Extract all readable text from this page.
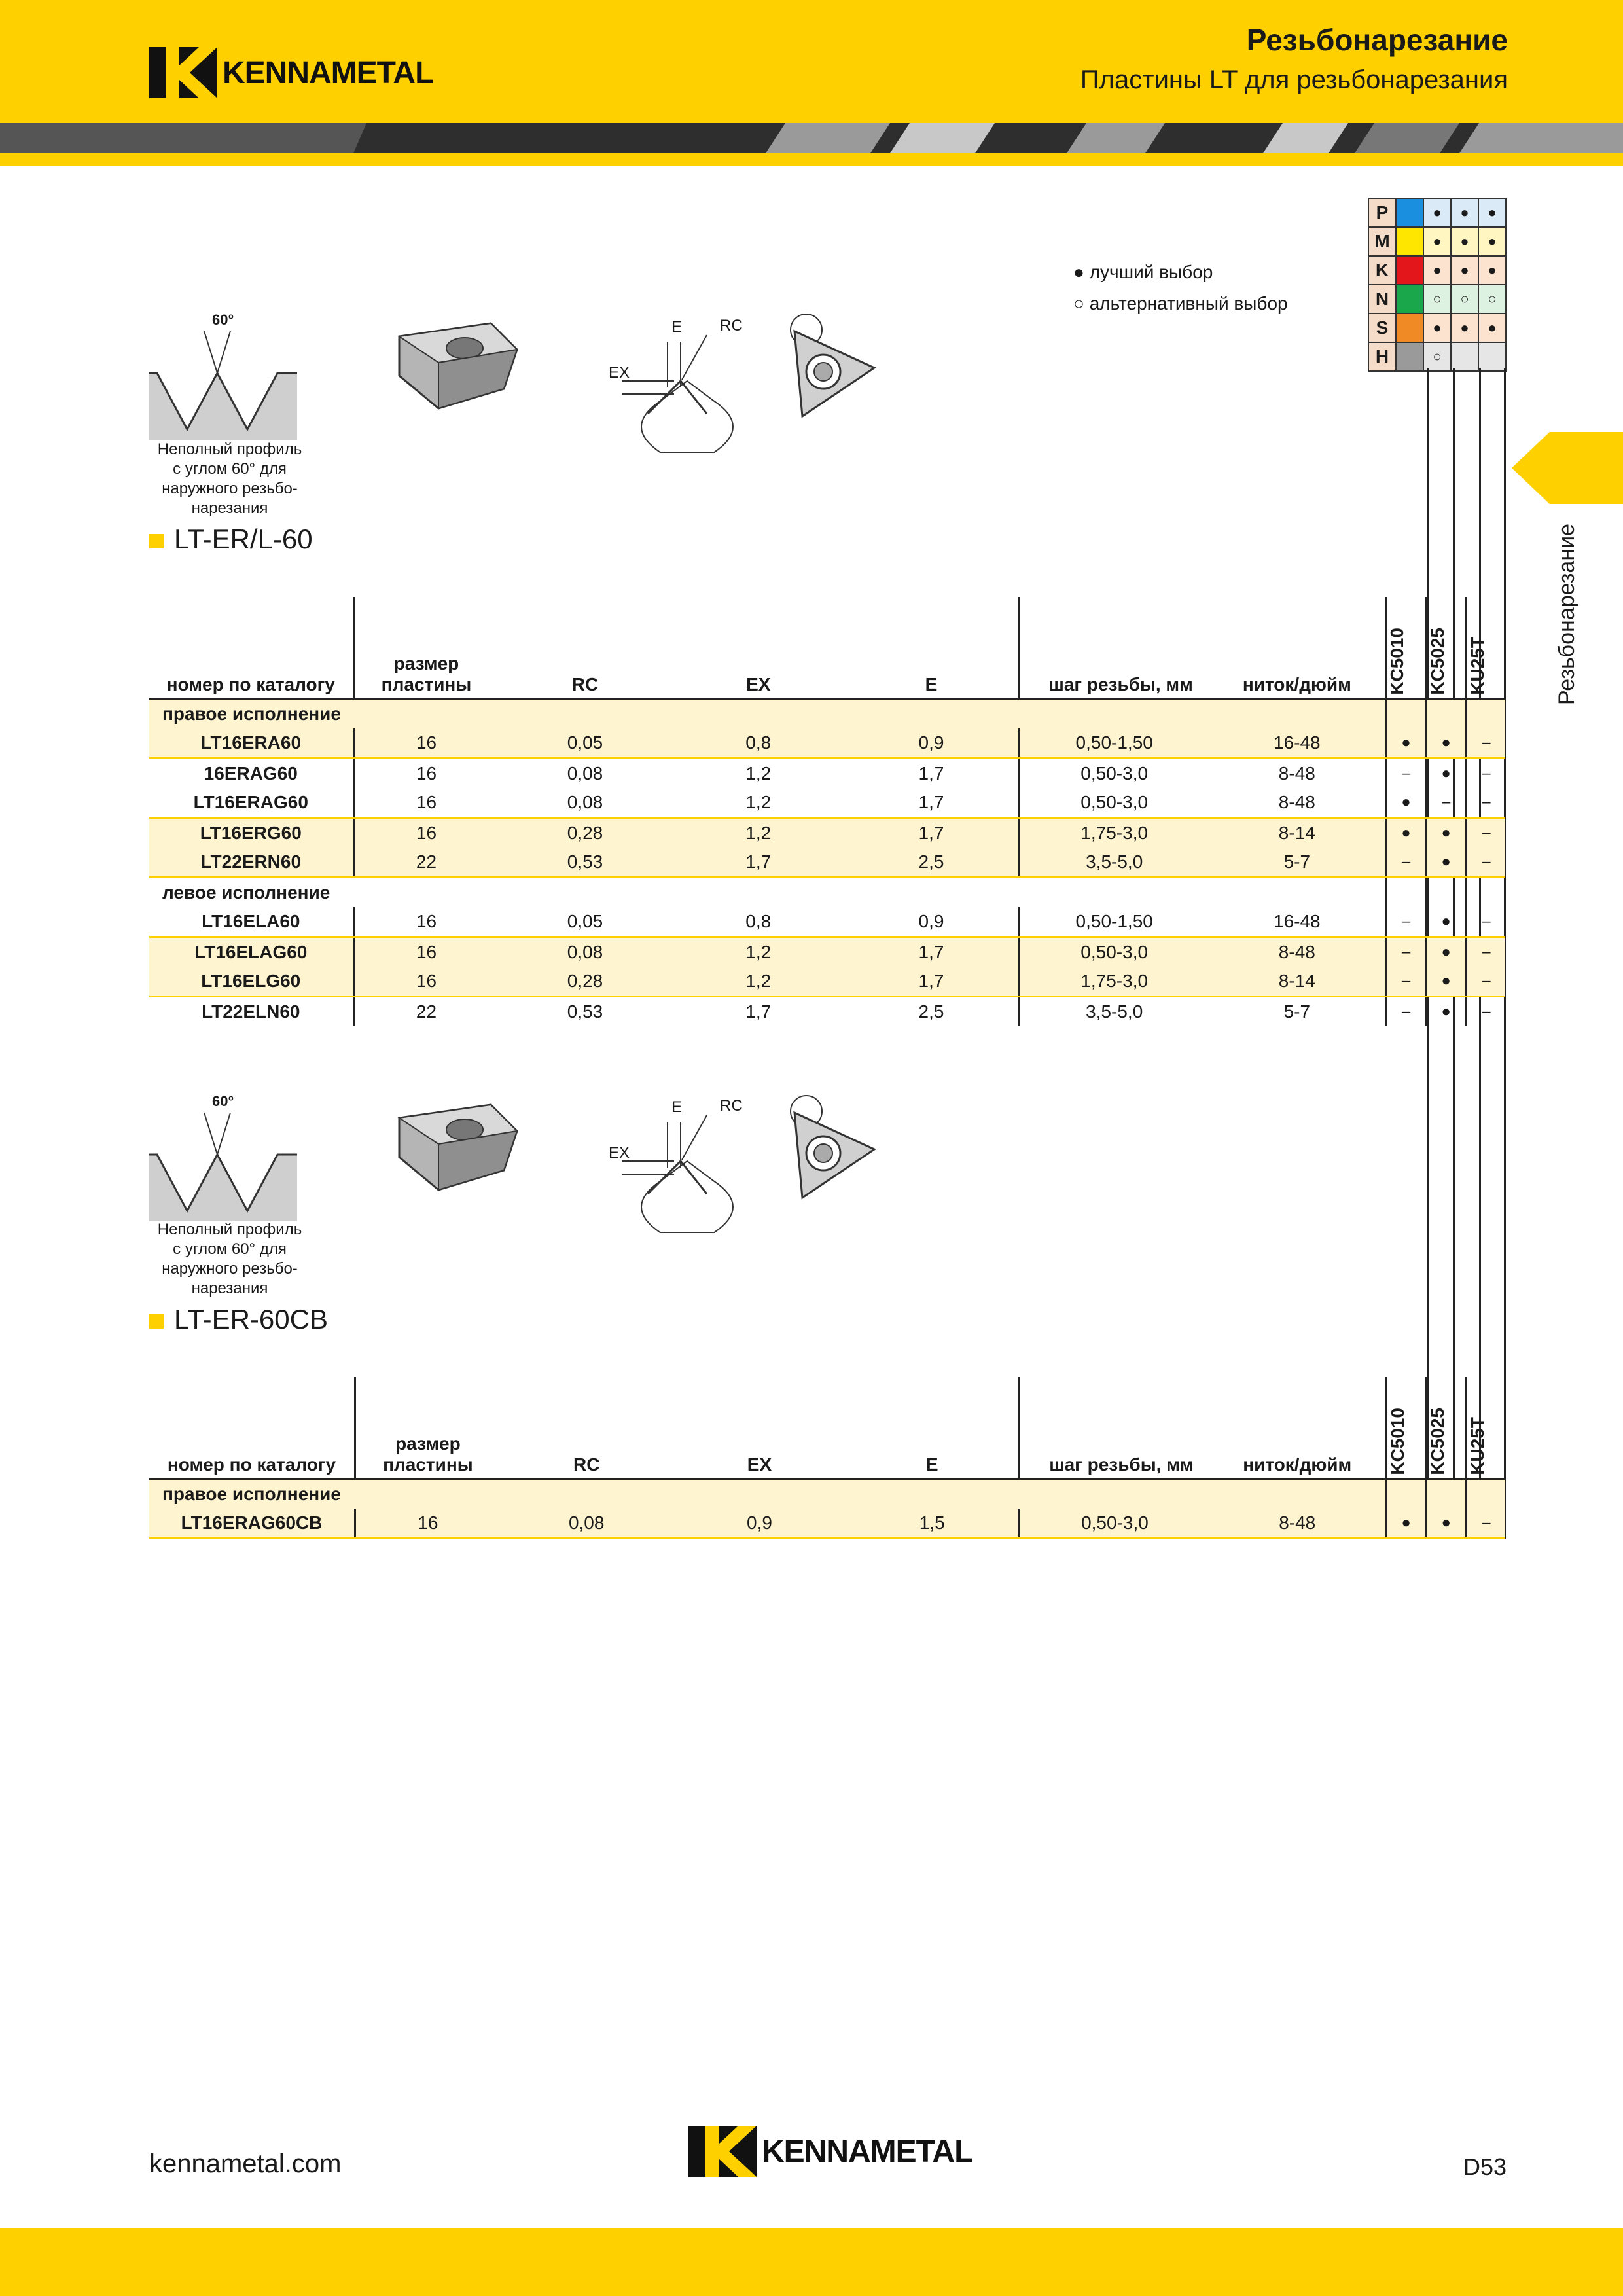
KENNAMETAL
Резьбонарезание
Пластины LT для резьбонарезания
● лучший выбор
○ альтернативный выбор
P		●	●	●
M		●	●	●
K		●	●	●
N		○	○	○
S		●	●	●
H		○		
Резьбонарезание
60°
Неполный профиль
с углом 60° для
наружного резьбо-
нарезания
E RC
EX
LT-ER/L-60
номер по каталогу	размер пластины	RC	EX	E	шаг резьбы, мм	ниток/дюйм	KC5010	KC5025	KU25T

правое исполнение									
LT16ERA60	16	0,05	0,8	0,9	0,50-1,50	16-48	●	●	–
16ERAG60	16	0,08	1,2	1,7	0,50-3,0	8-48	–	●	–
LT16ERAG60	16	0,08	1,2	1,7	0,50-3,0	8-48	●	–	–
LT16ERG60	16	0,28	1,2	1,7	1,75-3,0	8-14	●	●	–
LT22ERN60	22	0,53	1,7	2,5	3,5-5,0	5-7	–	●	–
левое исполнение									
LT16ELA60	16	0,05	0,8	0,9	0,50-1,50	16-48	–	●	–
LT16ELAG60	16	0,08	1,2	1,7	0,50-3,0	8-48	–	●	–
LT16ELG60	16	0,28	1,2	1,7	1,75-3,0	8-14	–	●	–
LT22ELN60	22	0,53	1,7	2,5	3,5-5,0	5-7	–	●	–
60°
Неполный профиль
с углом 60° для
наружного резьбо-
нарезания
E RC
EX
LT-ER-60CB
номер по каталогу	размер пластины	RC	EX	E	шаг резьбы, мм	ниток/дюйм	KC5010	KC5025	KU25T

правое исполнение									
LT16ERAG60CB	16	0,08	0,9	1,5	0,50-3,0	8-48	●	●	–
kennametal.com	KENNAMETAL	D53
